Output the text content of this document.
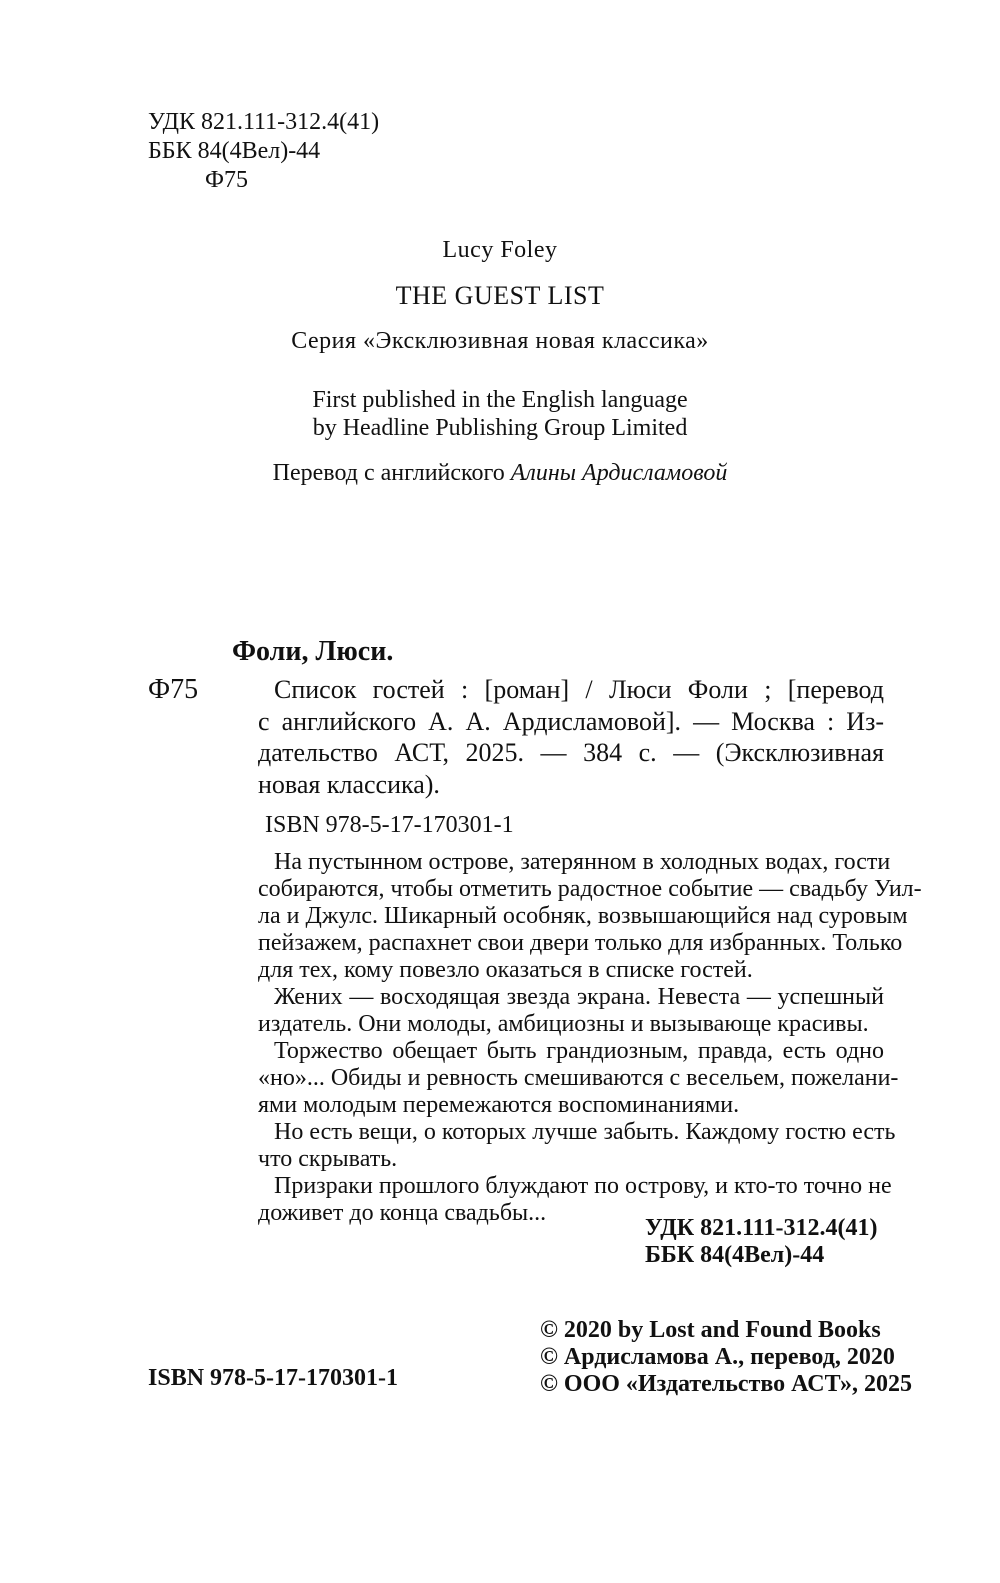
УДК 821.111-312.4(41)
ББК 84(4Вел)-44
Ф75
Lucy Foley
THE GUEST LIST
Серия «Эксклюзивная новая классика»
First published in the English language
by Headline Publishing Group Limited
Перевод с английского Алины Ардисламовой
Фоли, Люси.
Ф75	Список гостей : [роман] / Люси Фоли ; [перевод
с английского А. А. Ардисламовой]. — Москва : Из-
дательство АСТ, 2025. — 384 с. — (Эксклюзивная
новая классика).
ISBN 978-5-17-170301-1
На пустынном острове, затерянном в холодных водах, гости
собираются, чтобы отметить радостное событие — свадьбу Уил-
ла и Джулс. Шикарный особняк, возвышающийся над суровым
пейзажем, распахнет свои двери только для избранных. Только
для тех, кому повезло оказаться в списке гостей.
Жених — восходящая звезда экрана. Невеста — успешный
издатель. Они молоды, амбициозны и вызывающе красивы.
Торжество обещает быть грандиозным, правда, есть одно
«но»... Обиды и ревность смешиваются с весельем, пожелани-
ями молодым перемежаются воспоминаниями.
Но есть вещи, о которых лучше забыть. Каждому гостю есть
что скрывать.
Призраки прошлого блуждают по острову, и кто-то точно не
доживет до конца свадьбы...
УДК 821.111-312.4(41)
ББК 84(4Вел)-44
© 2020 by Lost and Found Books
© Ардисламова А., перевод, 2020
© ООО «Издательство АСТ», 2025
ISBN 978-5-17-170301-1
